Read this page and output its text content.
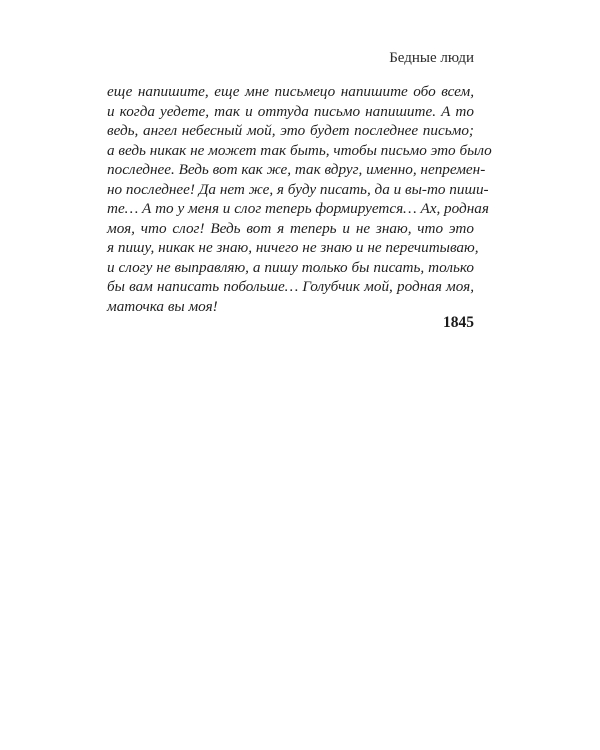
Бедные люди
еще напишите, еще мне письмецо напишите обо всем,
и когда уедете, так и оттуда письмо напишите. А то
ведь, ангел небесный мой, это будет последнее письмо;
а ведь никак не может так быть, чтобы письмо это было
последнее. Ведь вот как же, так вдруг, именно, непремен-
но последнее! Да нет же, я буду писать, да и вы-то пиши-
те… А то у меня и слог теперь формируется… Ах, родная
моя, что слог! Ведь вот я теперь и не знаю, что это
я пишу, никак не знаю, ничего не знаю и не перечитываю,
и слогу не выправляю, а пишу только бы писать, только
бы вам написать побольше… Голубчик мой, родная моя,
маточка вы моя!
1845
